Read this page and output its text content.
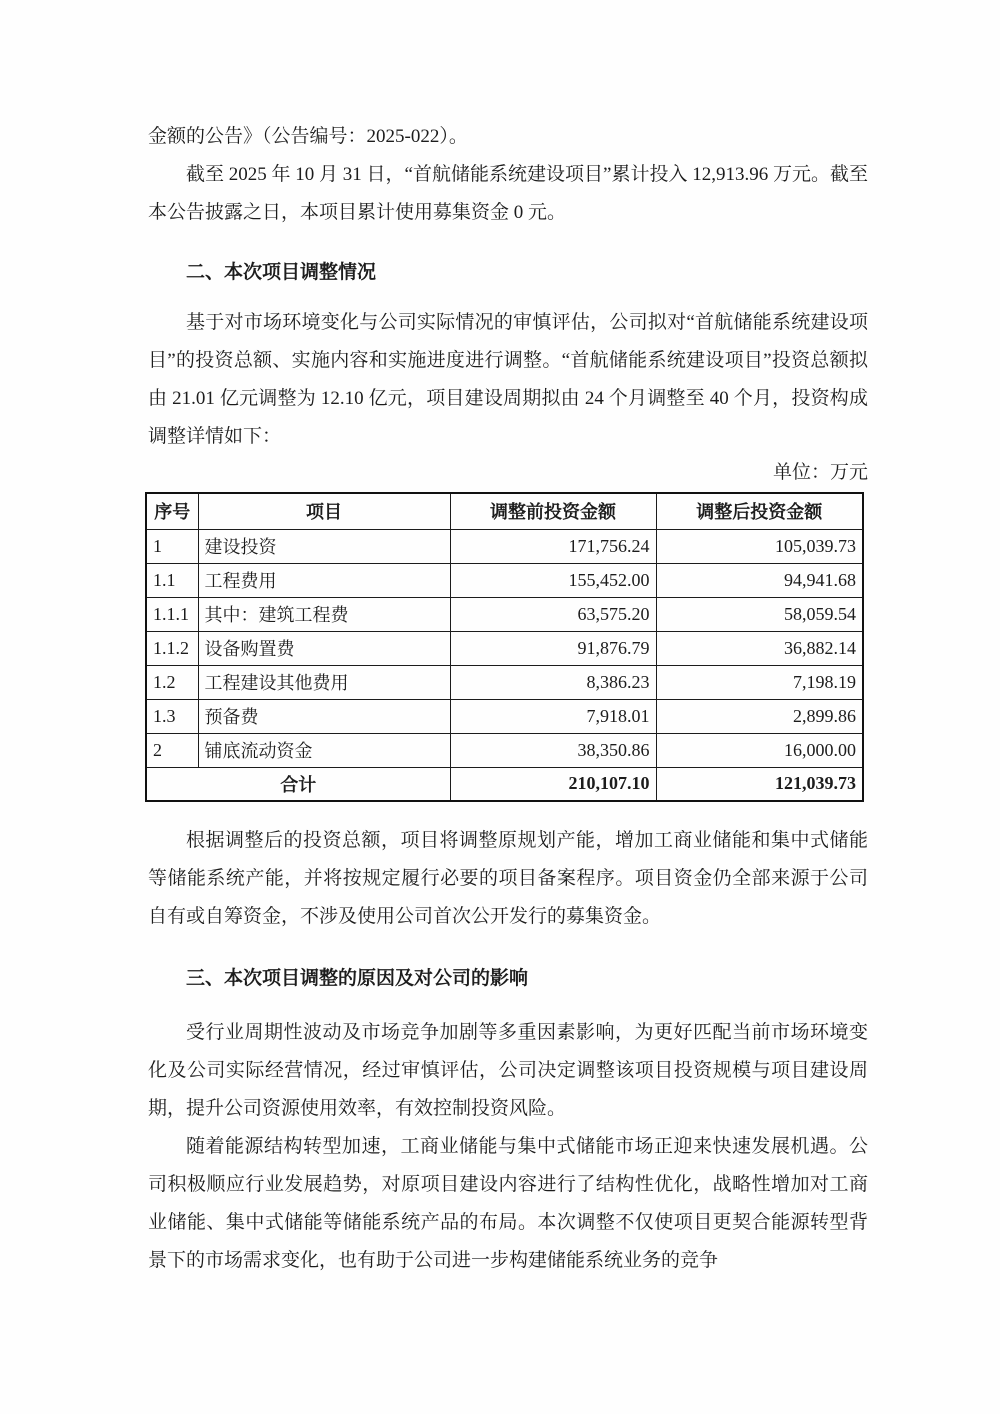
金额的公告》（公告编号：2025-022）。

截至 2025 年 10 月 31 日，“首航储能系统建设项目”累计投入 12,913.96 万元。截至本公告披露之日，本项目累计使用募集资金 0 元。

二、本次项目调整情况

基于对市场环境变化与公司实际情况的审慎评估，公司拟对“首航储能系统建设项目”的投资总额、实施内容和实施进度进行调整。“首航储能系统建设项目”投资总额拟由 21.01 亿元调整为 12.10 亿元，项目建设周期拟由 24 个月调整至 40 个月，投资构成调整详情如下：

单位：万元
序号	项目	调整前投资金额	调整后投资金额
1	建设投资	171,756.24	105,039.73
1.1	工程费用	155,452.00	94,941.68
1.1.1	其中：建筑工程费	63,575.20	58,059.54
1.1.2	设备购置费	91,876.79	36,882.14
1.2	工程建设其他费用	8,386.23	7,198.19
1.3	预备费	7,918.01	2,899.86
2	铺底流动资金	38,350.86	16,000.00
合计		210,107.10	121,039.73

根据调整后的投资总额，项目将调整原规划产能，增加工商业储能和集中式储能等储能系统产能，并将按规定履行必要的项目备案程序。项目资金仍全部来源于公司自有或自筹资金，不涉及使用公司首次公开发行的募集资金。

三、本次项目调整的原因及对公司的影响

受行业周期性波动及市场竞争加剧等多重因素影响，为更好匹配当前市场环境变化及公司实际经营情况，经过审慎评估，公司决定调整该项目投资规模与项目建设周期，提升公司资源使用效率，有效控制投资风险。

随着能源结构转型加速，工商业储能与集中式储能市场正迎来快速发展机遇。公司积极顺应行业发展趋势，对原项目建设内容进行了结构性优化，战略性增加对工商业储能、集中式储能等储能系统产品的布局。本次调整不仅使项目更契合能源转型背景下的市场需求变化，也有助于公司进一步构建储能系统业务的竞争
